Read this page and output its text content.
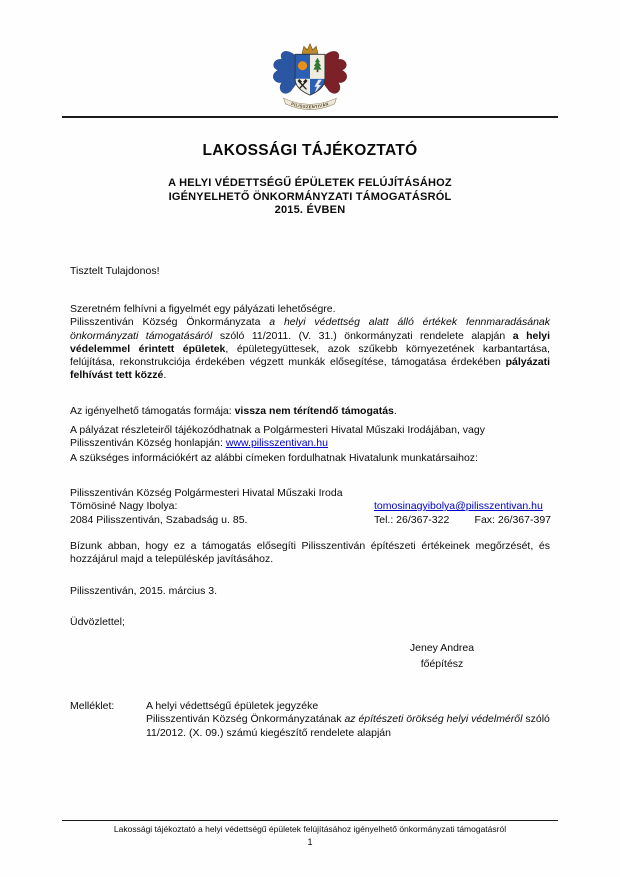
PILISSZENTIVÁN
LAKOSSÁGI TÁJÉKOZTATÓ
A HELYI VÉDETTSÉGŰ ÉPÜLETEK FELÚJÍTÁSÁHOZ
IGÉNYELHETŐ ÖNKORMÁNYZATI TÁMOGATÁSRÓL
2015. ÉVBEN
Tisztelt Tulajdonos!
Szeretném felhívni a figyelmét egy pályázati lehetőségre.
Pilisszentiván Község Önkormányzata a helyi védettség alatt álló értékek fennmaradásának önkormányzati támogatásáról szóló 11/2011. (V. 31.) önkormányzati rendelete alapján a helyi védelemmel érintett épületek, épületegyüttesek, azok szűkebb környezetének karbantartása, felújítása, rekonstrukciója érdekében végzett munkák elősegítése, támogatása érdekében pályázati felhívást tett közzé.
Az igényelhető támogatás formája: vissza nem térítendő támogatás.
A pályázat részleteiről tájékozódhatnak a Polgármesteri Hivatal Műszaki Irodájában, vagy Pilisszentiván Község honlapján: www.pilisszentivan.hu
A szükséges információkért az alábbi címeken fordulhatnak Hivatalunk munkatársaihoz:
Pilisszentiván Község Polgármesteri Hivatal Műszaki Iroda
Tömösiné Nagy Ibolya:
2084 Pilisszentiván, Szabadság u. 85.
tomosinagyibolya@pilisszentivan.hu
Tel.: 26/367-322 Fax: 26/367-397
Bízunk abban, hogy ez a támogatás elősegíti Pilisszentiván építészeti értékeinek megőrzését, és hozzájárul majd a településkép javításához.
Pilisszentiván, 2015. március 3.
Üdvözlettel;
Jeney Andrea
főépítész
Melléklet:	A helyi védettségű épületek jegyzéke
Pilisszentiván Község Önkormányzatának az építészeti örökség helyi védelméről szóló 11/2012. (X. 09.) számú kiegészítő rendelete alapján
Lakossági tájékoztató a helyi védettségű épületek felújításához igényelhető önkormányzati támogatásról
1
